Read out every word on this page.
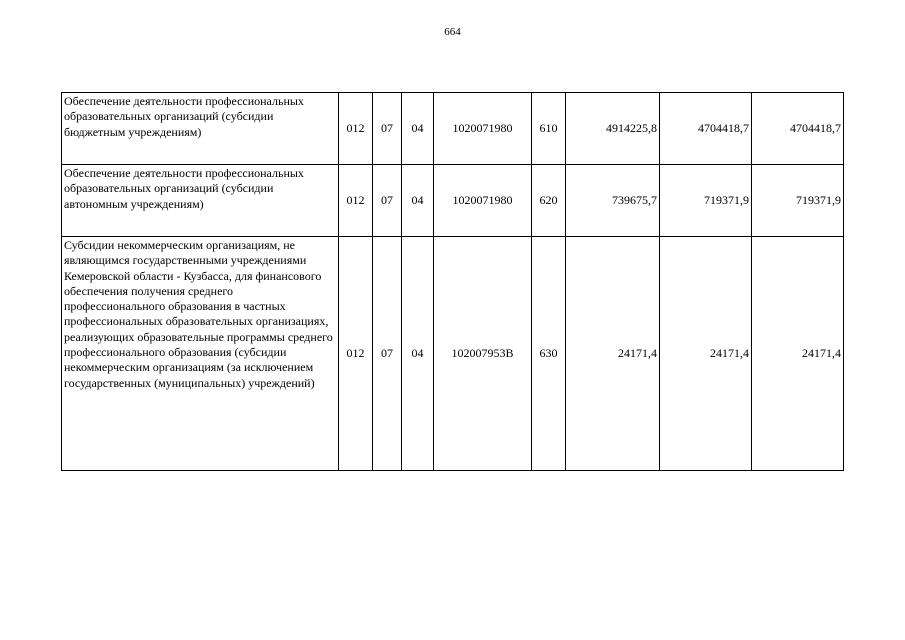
664
Обеспечение деятельности профессиональных образовательных организаций (субсидии бюджетным учреждениям)	012	07	04	1020071980	610	4914225,8	4704418,7	4704418,7
Обеспечение деятельности профессиональных образовательных организаций (субсидии автономным учреждениям)	012	07	04	1020071980	620	739675,7	719371,9	719371,9
Субсидии некоммерческим организациям, не являющимся государственными учреждениями Кемеровской области - Кузбасса, для финансового обеспечения получения среднего профессионального образования в частных профессиональных образовательных организациях, реализующих образовательные программы среднего профессионального образования (субсидии некоммерческим организациям (за исключением государственных (муниципальных) учреждений)	012	07	04	102007953В	630	24171,4	24171,4	24171,4
